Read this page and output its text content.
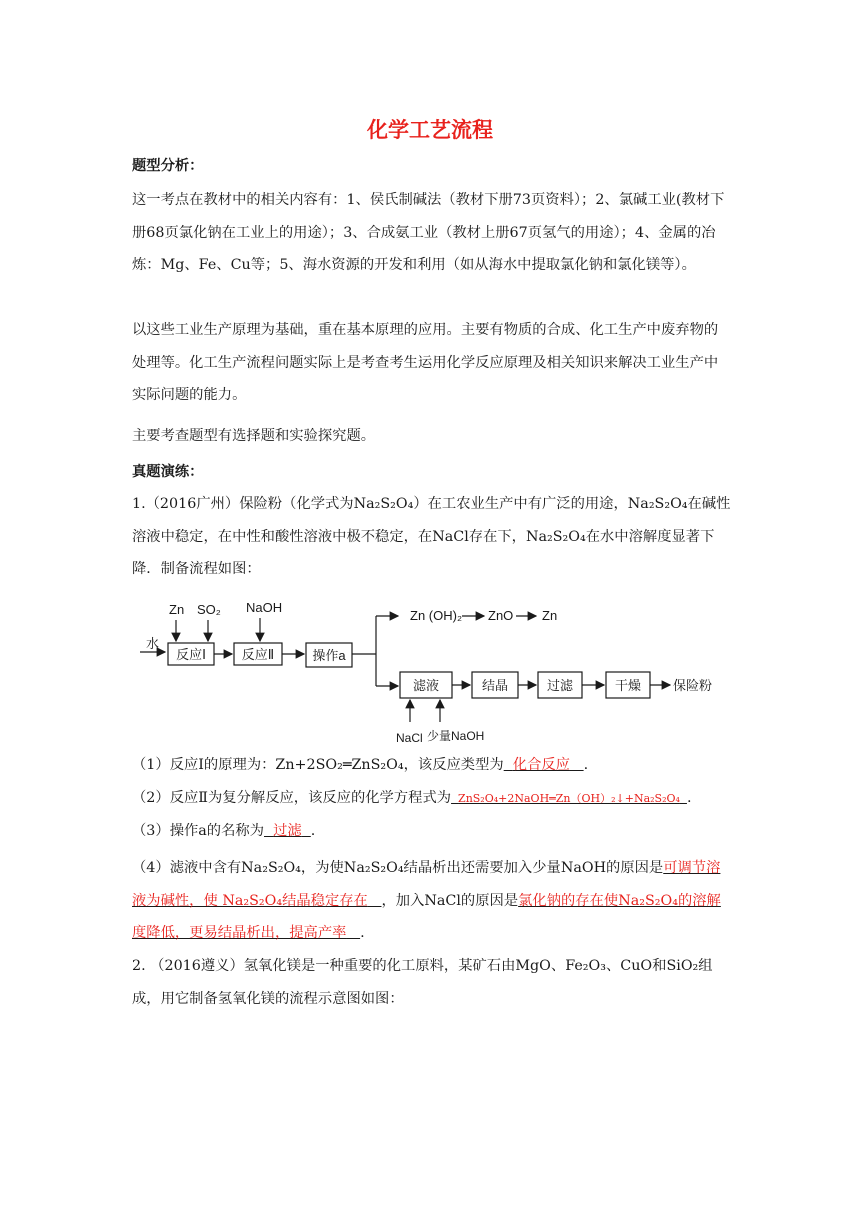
化学工艺流程
题型分析：

这一考点在教材中的相关内容有：1、侯氏制碱法（教材下册73页资料）；2、氯碱工业(教材下册68页氯化钠在工业上的用途）；3、合成氨工业（教材上册67页氢气的用途）；4、金属的冶炼：Mg、Fe、Cu等；5、海水资源的开发和利用（如从海水中提取氯化钠和氯化镁等）。

以这些工业生产原理为基础，重在基本原理的应用。主要有物质的合成、化工生产中废弃物的处理等。化工生产流程问题实际上是考查考生运用化学反应原理及相关知识来解决工业生产中实际问题的能力。

主要考查题型有选择题和实验探究题。

真题演练：

1.（2016广州）保险粉（化学式为Na₂S₂O₄）在工农业生产中有广泛的用途，Na₂S₂O₄在碱性溶液中稳定，在中性和酸性溶液中极不稳定，在NaCl存在下，Na₂S₂O₄在水中溶解度显著下降．制备流程如图：

水
Zn SO₂
反应Ⅰ
NaOH
反应Ⅱ	操作a
Zn (OH)₂ ZnO Zn
滤液	结晶	过滤	干燥 保险粉
NaCl 少量NaOH
（1）反应Ⅰ的原理为：Zn+2SO₂═ZnS₂O₄，该反应类型为 化合反应 .
（2）反应Ⅱ为复分解反应，该反应的化学方程式为 ZnS₂O₄+2NaOH═Zn（OH）₂↓+Na₂S₂O₄ .
（3）操作a的名称为 过滤 .

（4）滤液中含有Na₂S₂O₄，为使Na₂S₂O₄结晶析出还需要加入少量NaOH的原因是可调节溶液为碱性，使 Na₂S₂O₄结晶稳定存在 ，加入NaCl的原因是氯化钠的存在使Na₂S₂O₄的溶解度降低，更易结晶析出，提高产率 .

2. （2016遵义）氢氧化镁是一种重要的化工原料，某矿石由MgO、Fe₂O₃、CuO和SiO₂组成，用它制备氢氧化镁的流程示意图如图：
